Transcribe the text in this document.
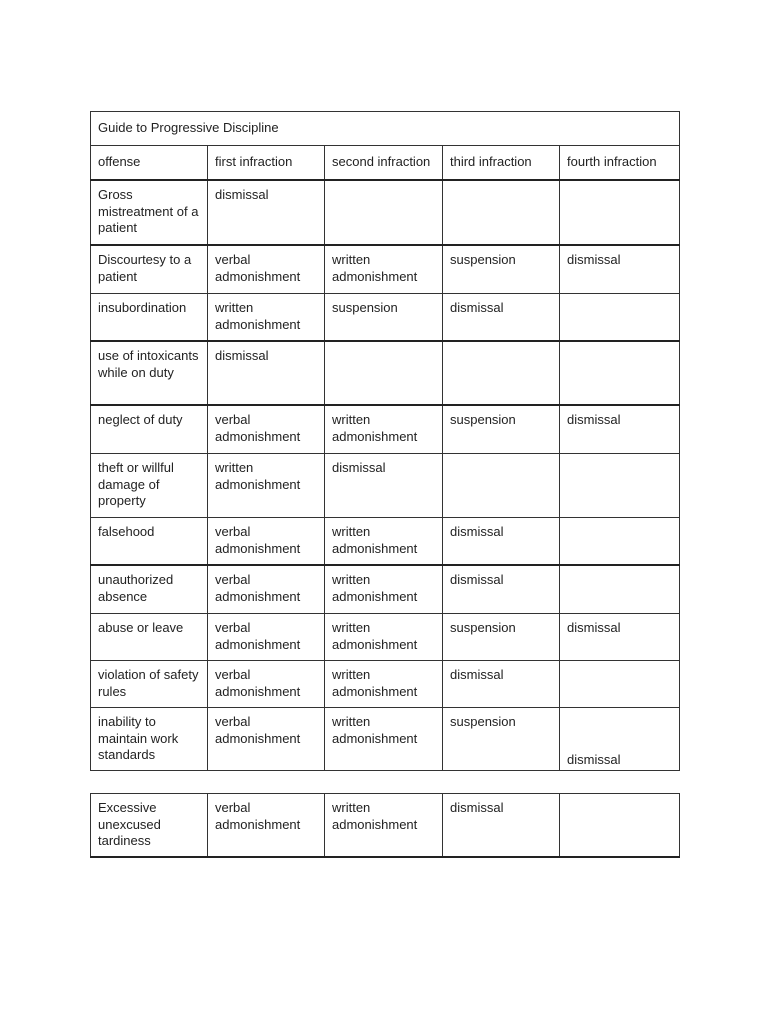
Guide to Progressive Discipline				
offense	first infraction	second infraction	third infraction	fourth infraction
Gross mistreatment of a patient	dismissal			
Discourtesy to a patient	verbal admonishment	written admonishment	suspension	dismissal
insubordination	written admonishment	suspension	dismissal	
use of intoxicants while on duty	dismissal			
neglect of duty	verbal admonishment	written admonishment	suspension	dismissal
theft or willful damage of property	written admonishment	dismissal		
falsehood	verbal admonishment	written admonishment	dismissal	
unauthorized absence	verbal admonishment	written admonishment	dismissal	
abuse or leave	verbal admonishment	written admonishment	suspension	dismissal
violation of safety rules	verbal admonishment	written admonishment	dismissal	
inability to maintain work standards	verbal admonishment	written admonishment	suspension	dismissal
Excessive unexcused tardiness	verbal admonishment	written admonishment	dismissal	
